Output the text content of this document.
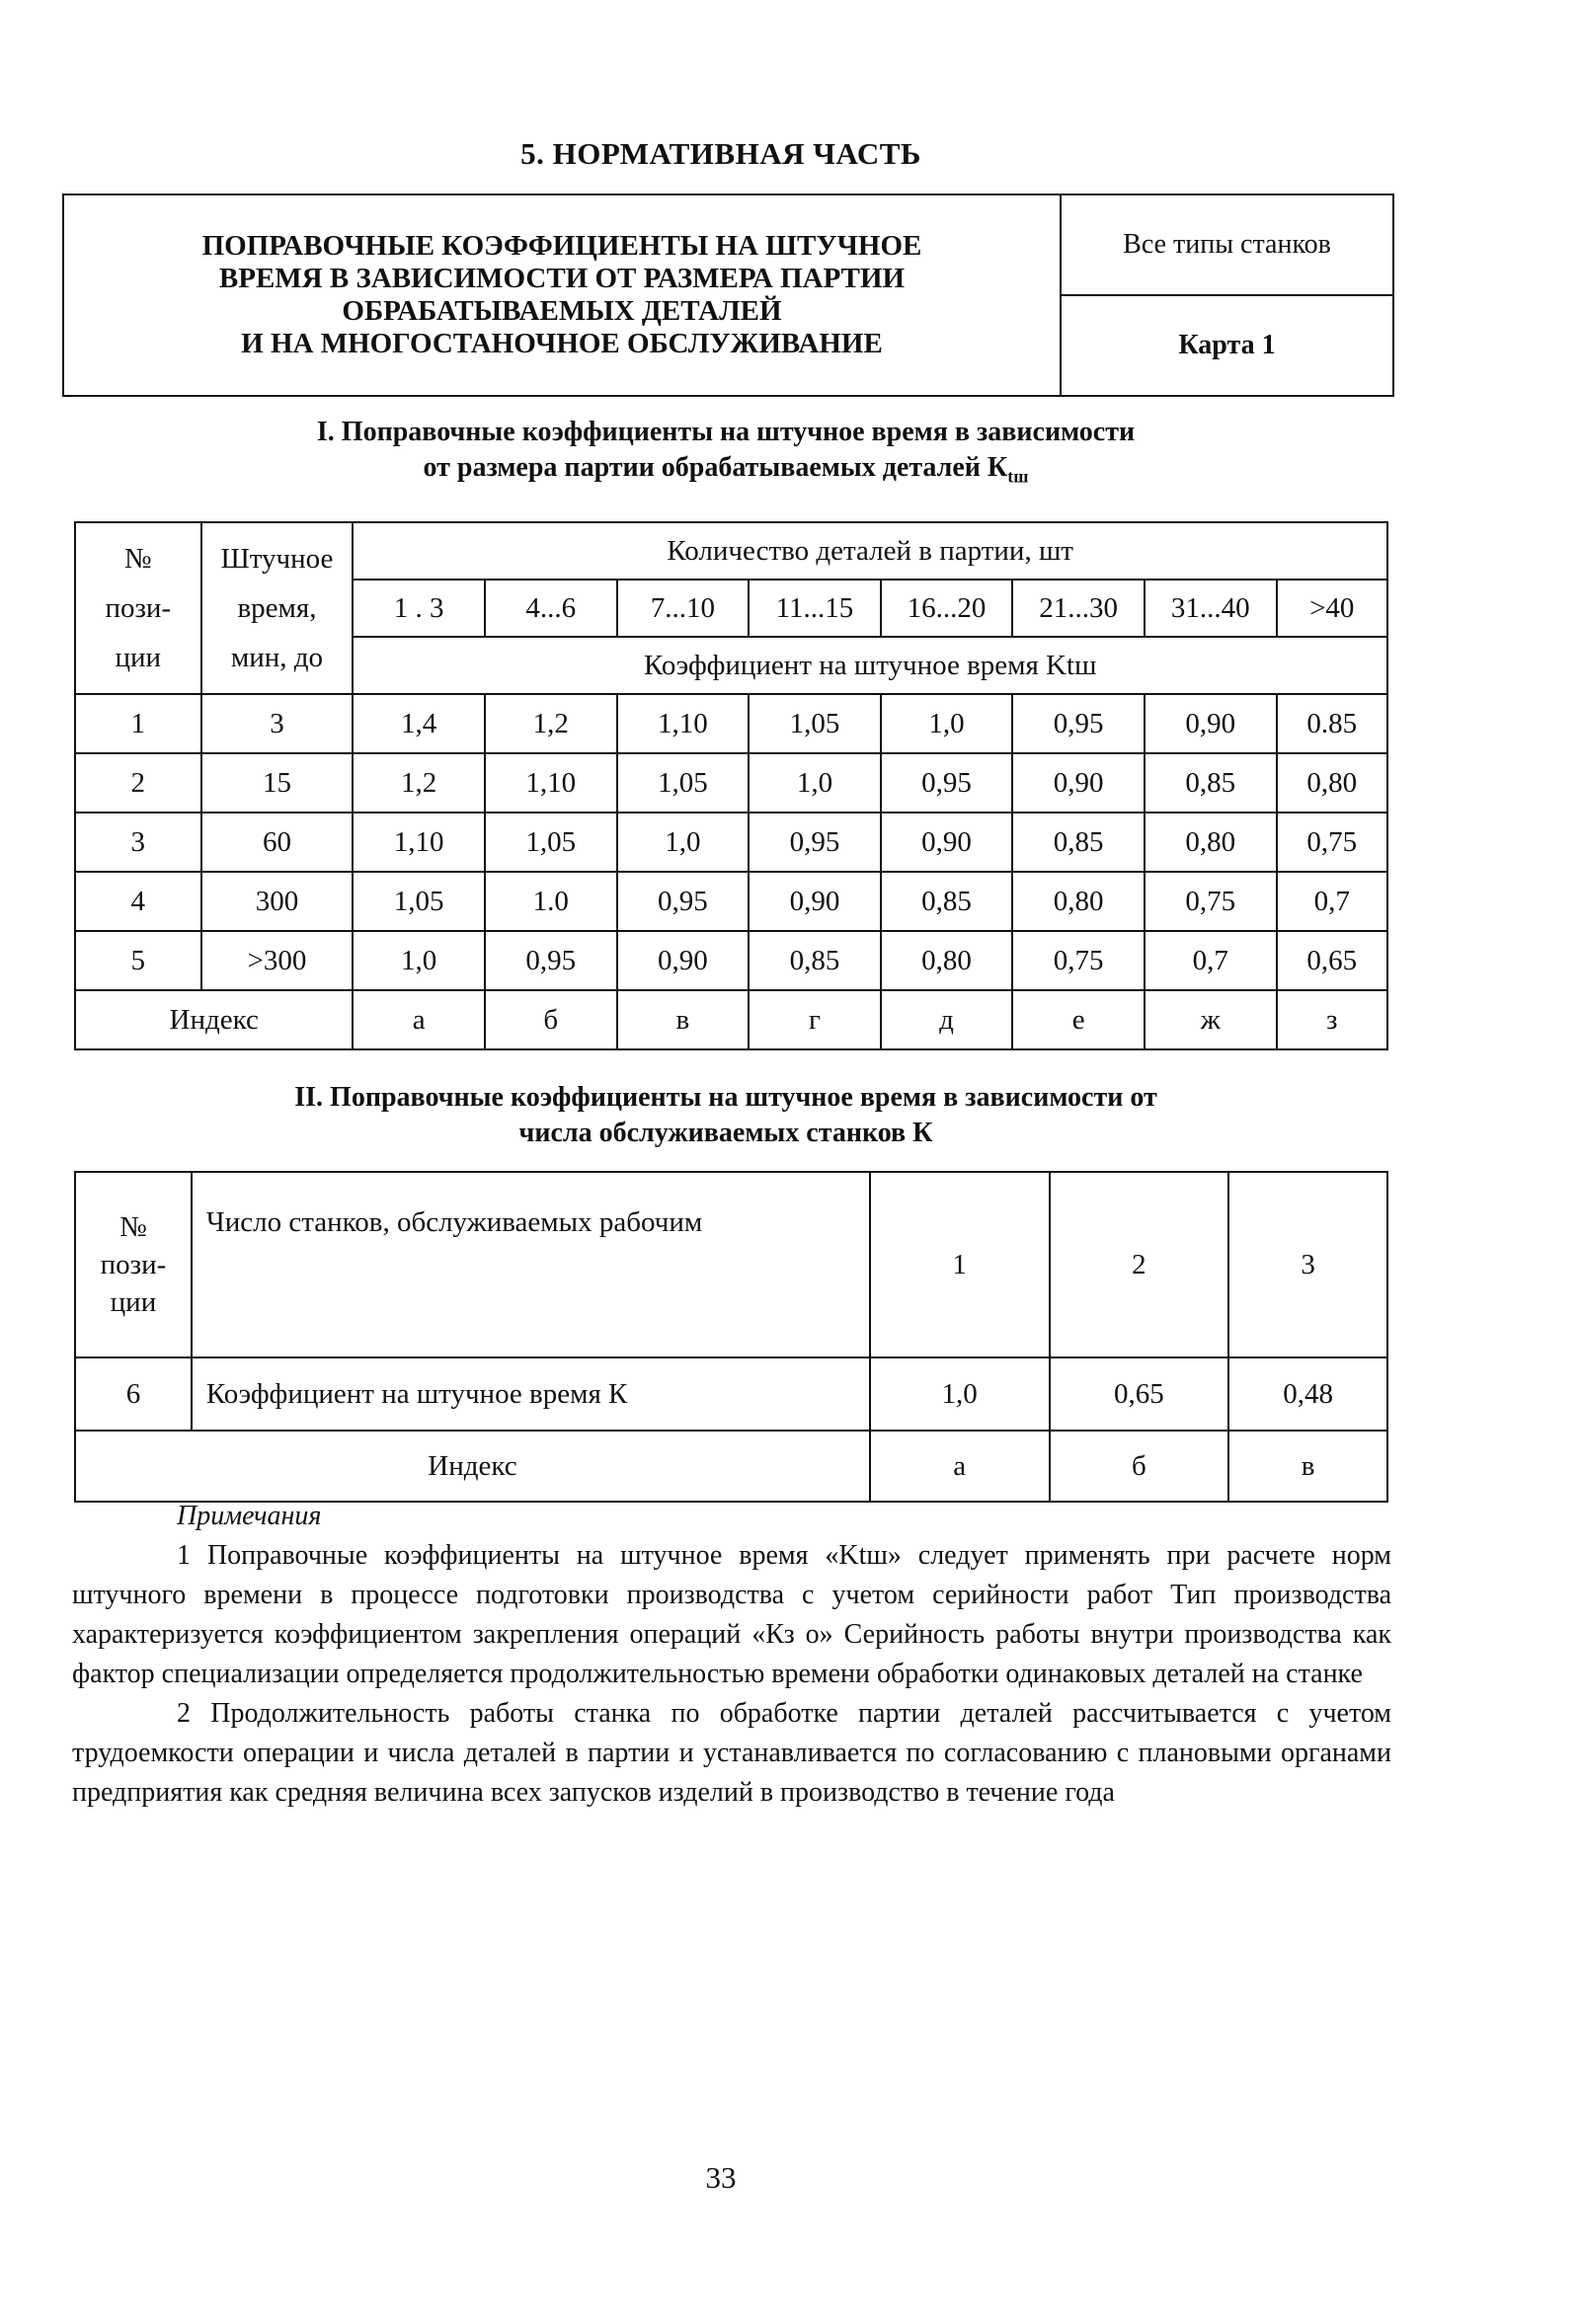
5. НОРМАТИВНАЯ ЧАСТЬ
ПОПРАВОЧНЫЕ КОЭФФИЦИЕНТЫ НА ШТУЧНОЕ
ВРЕМЯ В ЗАВИСИМОСТИ ОТ РАЗМЕРА ПАРТИИ
ОБРАБАТЫВАЕМЫХ ДЕТАЛЕЙ
И НА МНОГОСТАНОЧНОЕ ОБСЛУЖИВАНИЕ
Все типы станков
Карта 1
I. Поправочные коэффициенты на штучное время в зависимости
от размера партии обрабатываемых деталей $К_{tш}$
№
пози-
ции	Штучное
время,
мин, до	Количество деталей в партии, шт							
		1 . 3	4...6	7...10	11...15	16...20	21...30	31...40	>40
		Коэффициент на штучное время Ktш							
1	3	1,4	1,2	1,10	1,05	1,0	0,95	0,90	0.85
2	15	1,2	1,10	1,05	1,0	0,95	0,90	0,85	0,80
3	60	1,10	1,05	1,0	0,95	0,90	0,85	0,80	0,75
4	300	1,05	1.0	0,95	0,90	0,85	0,80	0,75	0,7
5	>300	1,0	0,95	0,90	0,85	0,80	0,75	0,7	0,65
Индекс		а	б	в	г	д	е	ж	з
II. Поправочные коэффициенты на штучное время в зависимости от
числа обслуживаемых станков К
№
пози-
ции	Число станков, обслуживаемых рабочим	1	2	3
6	Коэффициент на штучное время К	1,0	0,65	0,48
Индекс		а	б	в
Примечания

1 Поправочные коэффициенты на штучное время «Ktш» следует применять при расчете норм штучного времени в процессе подготовки производства с учетом серийности работ Тип производства характеризуется коэффициентом закрепления операций «Кз о» Серийность работы внутри производства как фактор специализации определяется продолжительностью времени обработки одинаковых деталей на станке

2 Продолжительность работы станка по обработке партии деталей рассчитывается с учетом трудоемкости операции и числа деталей в партии и устанавливается по согласованию с плановыми органами предприятия как средняя величина всех запусков изделий в производство в течение года

33
